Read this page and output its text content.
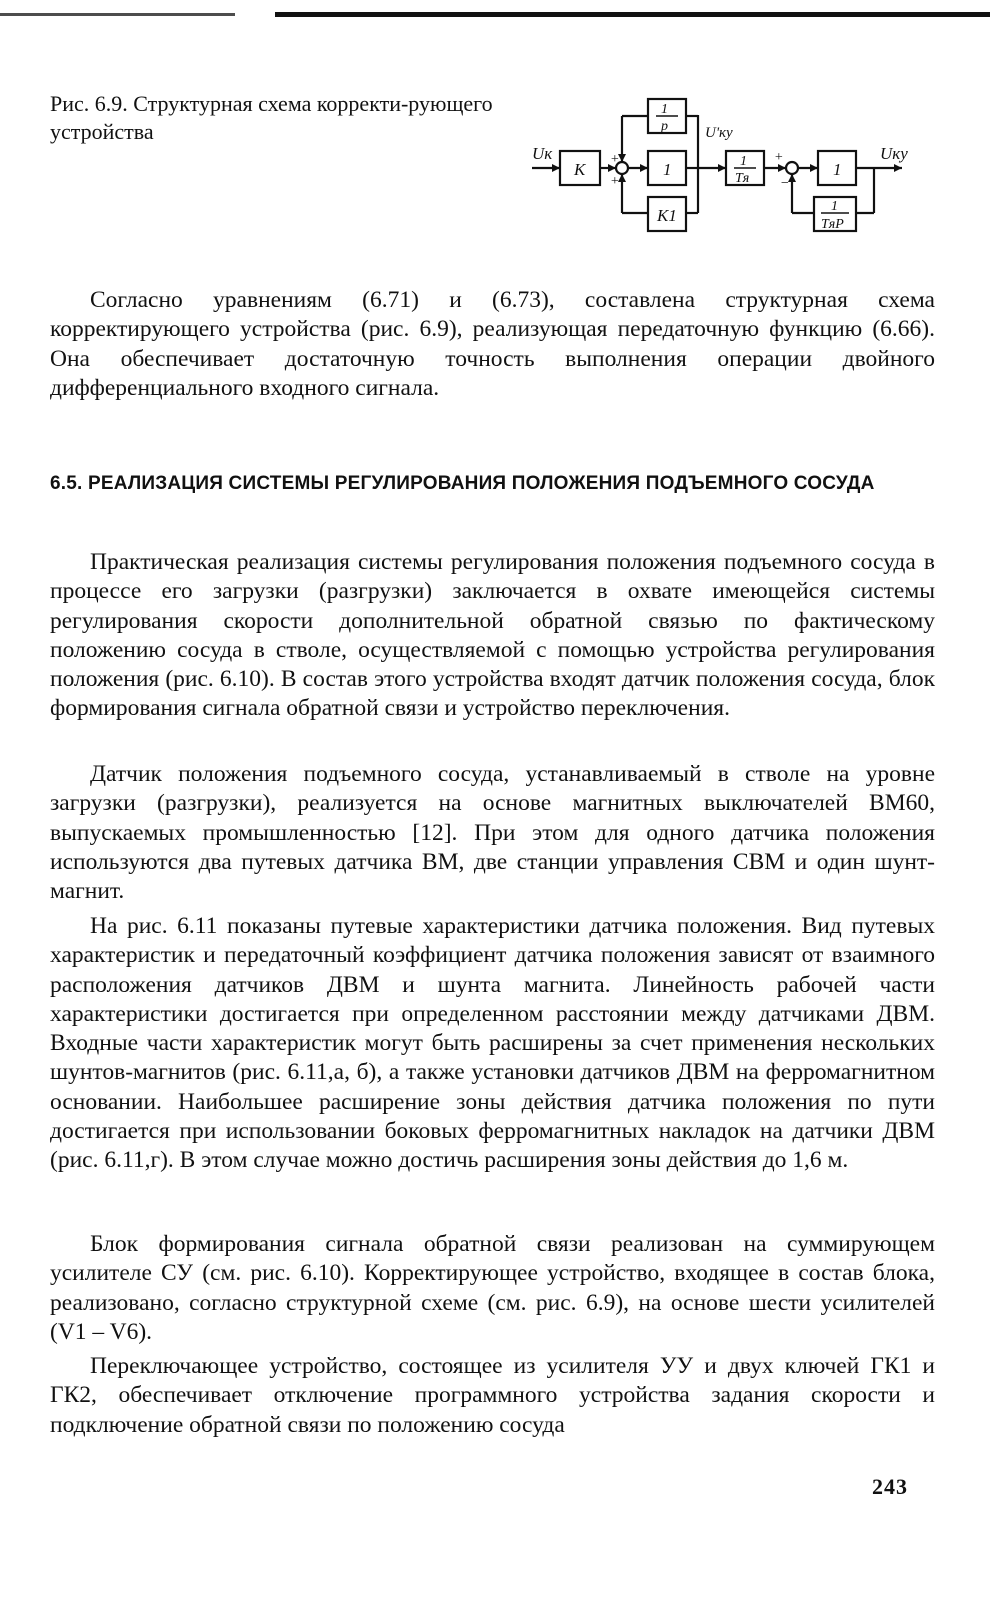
Рис. 6.9. Структурная схема корректи-рующего устройства
Uк
K
1
p
1
K1
U'ку
1
Tя	1
1
TяP
Uку
+
+
+
−

Согласно уравнениям (6.71) и (6.73), составлена структурная схема корректирующего устройства (рис. 6.9), реализующая передаточную функцию (6.66). Она обеспечивает достаточную точность выполнения операции двойного дифференциального входного сигнала.

6.5. РЕАЛИЗАЦИЯ СИСТЕМЫ РЕГУЛИРОВАНИЯ ПОЛОЖЕНИЯ ПОДЪЕМНОГО СОСУДА

Практическая реализация системы регулирования положения подъемного сосуда в процессе его загрузки (разгрузки) заключается в охвате имеющейся системы регулирования скорости дополнительной обратной связью по фактическому положению сосуда в стволе, осуществляемой с помощью устройства регулирования положения (рис. 6.10). В состав этого устройства входят датчик положения сосуда, блок формирования сигнала обратной связи и устройство переключения.

Датчик положения подъемного сосуда, устанавливаемый в стволе на уровне загрузки (разгрузки), реализуется на основе магнитных выключателей ВМ60, выпускаемых промышленностью [12]. При этом для одного датчика положения используются два путевых датчика ВМ, две станции управления СВМ и один шунт-магнит.

На рис. 6.11 показаны путевые характеристики датчика положения. Вид путевых характеристик и передаточный коэффициент датчика положения зависят от взаимного расположения датчиков ДВМ и шунта магнита. Линейность рабочей части характеристики достигается при определенном расстоянии между датчиками ДВМ. Входные части характеристик могут быть расширены за счет применения нескольких шунтов-магнитов (рис. 6.11,а, б), а также установки датчиков ДВМ на ферромагнитном основании. Наибольшее расширение зоны действия датчика положения по пути достигается при использовании боковых ферромагнитных накладок на датчики ДВМ (рис. 6.11,г). В этом случае можно достичь расширения зоны действия до 1,6 м.

Блок формирования сигнала обратной связи реализован на суммирующем усилителе СУ (см. рис. 6.10). Корректирующее устройство, входящее в состав блока, реализовано, согласно структурной схеме (см. рис. 6.9), на основе шести усилителей (V1 – V6).

Переключающее устройство, состоящее из усилителя УУ и двух ключей ГК1 и ГК2, обеспечивает отключение программного устройства задания скорости и подключение обратной связи по положению сосуда

243
